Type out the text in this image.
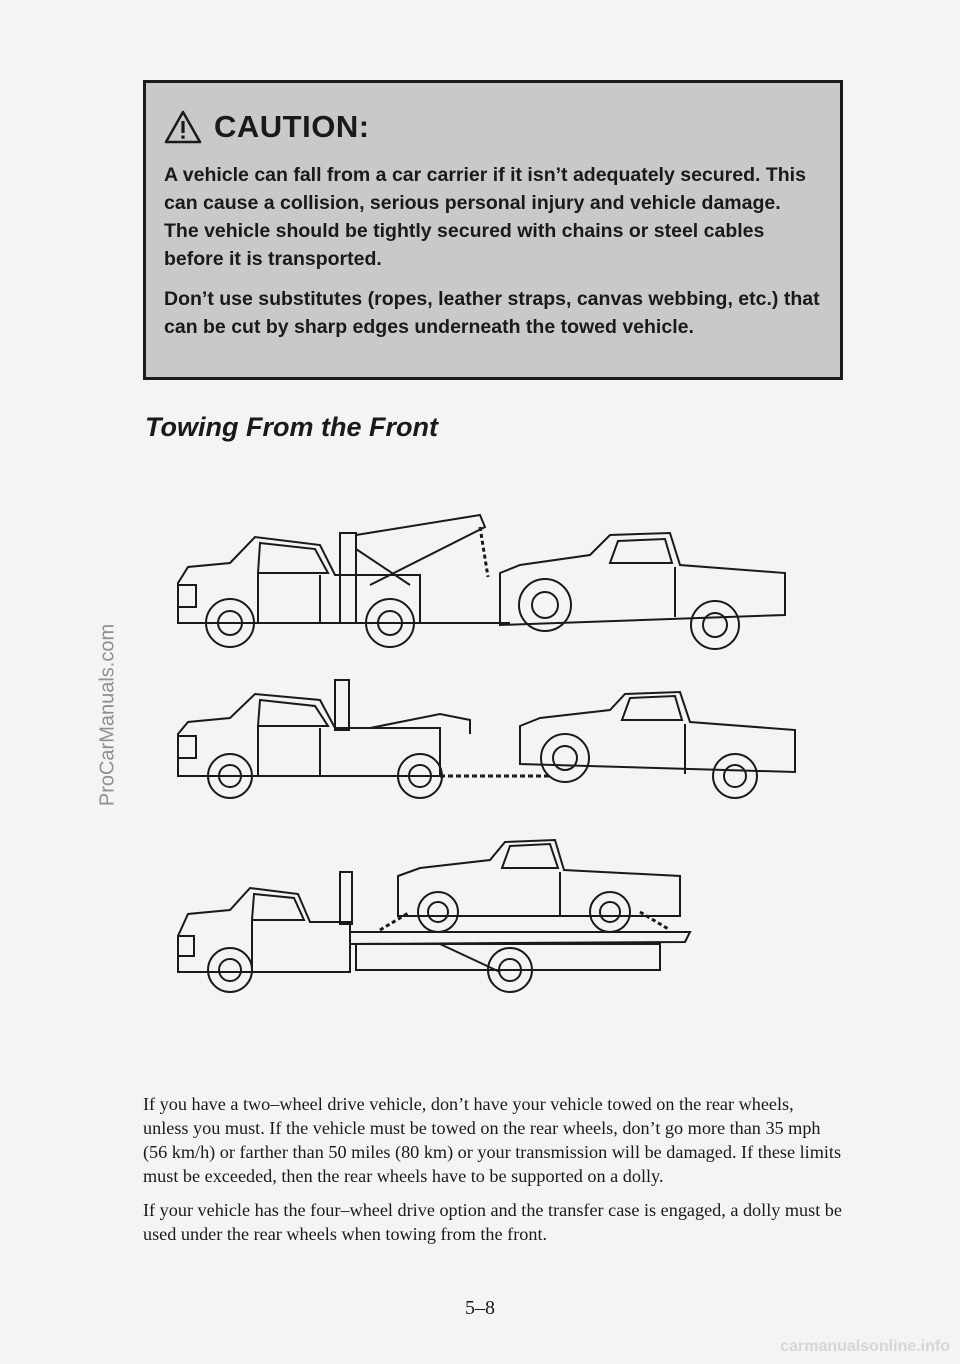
CAUTION:

A vehicle can fall from a car carrier if it isn’t adequately secured. This can cause a collision, serious personal injury and vehicle damage. The vehicle should be tightly secured with chains or steel cables before it is transported.

Don’t use substitutes (ropes, leather straps, canvas webbing, etc.) that can be cut by sharp edges underneath the towed vehicle.

Towing From the Front

If you have a two–wheel drive vehicle, don’t have your vehicle towed on the rear wheels, unless you must. If the vehicle must be towed on the rear wheels, don’t go more than 35 mph (56 km/h) or farther than 50 miles (80 km) or your transmission will be damaged. If these limits must be exceeded, then the rear wheels have to be supported on a dolly.

If your vehicle has the four–wheel drive option and the transfer case is engaged, a dolly must be used under the rear wheels when towing from the front.

5–8
ProCarManuals.com
carmanualsonline.info
